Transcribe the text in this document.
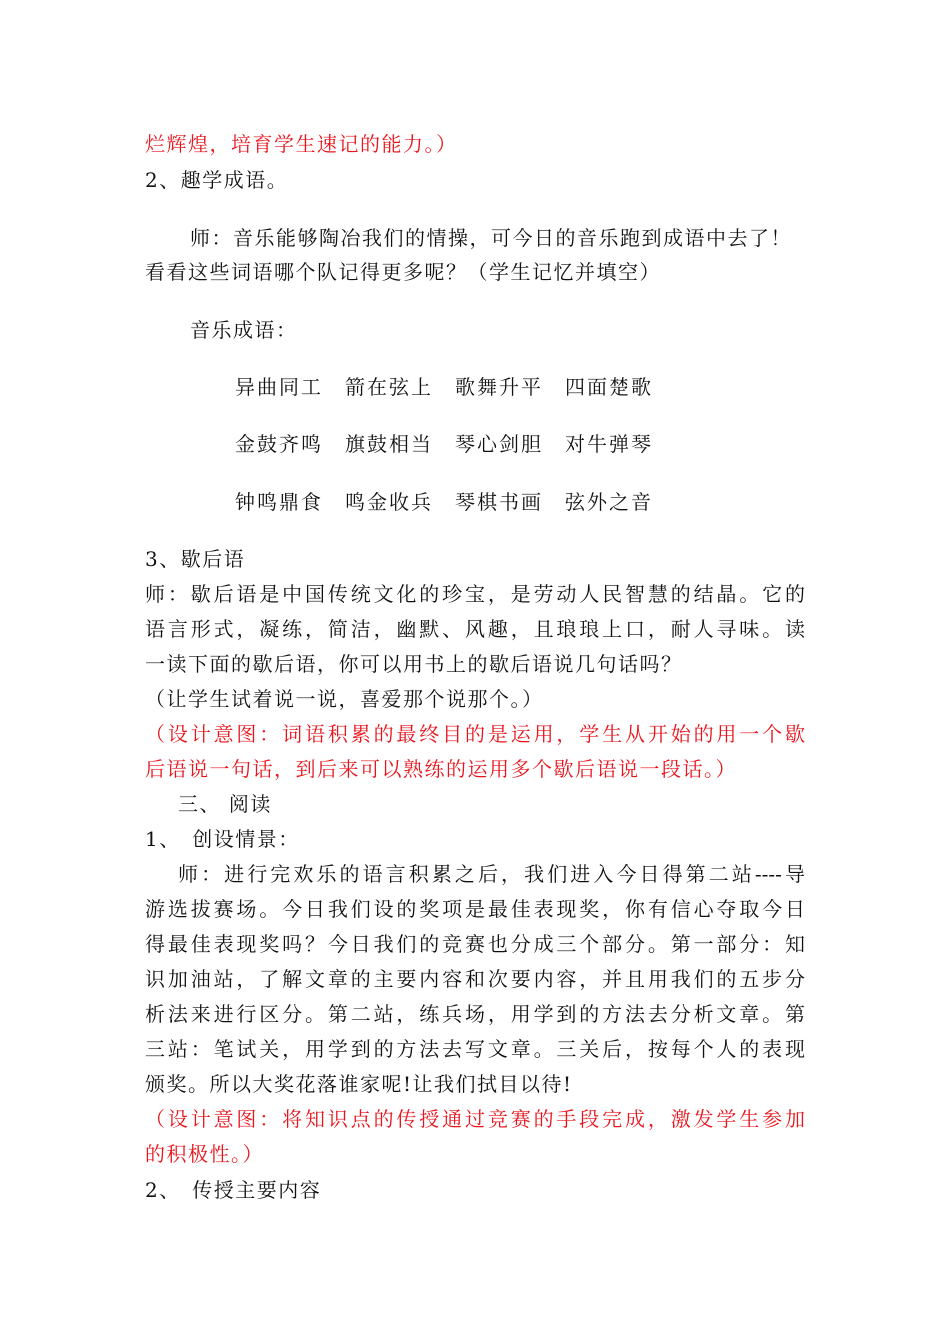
烂辉煌，培育学生速记的能力。）
2、趣学成语。
师：音乐能够陶冶我们的情操，可今日的音乐跑到成语中去了！
看看这些词语哪个队记得更多呢？（学生记忆并填空）
音乐成语：
异曲同工	箭在弦上	歌舞升平	四面楚歌
金鼓齐鸣	旗鼓相当	琴心剑胆	对牛弹琴
钟鸣鼎食	鸣金收兵	琴棋书画	弦外之音
3、歇后语
师：歇后语是中国传统文化的珍宝，是劳动人民智慧的结晶。它的
语言形式，凝练，简洁，幽默、风趣，且琅琅上口，耐人寻味。读
一读下面的歇后语，你可以用书上的歇后语说几句话吗？
（让学生试着说一说，喜爱那个说那个。）
（设计意图：词语积累的最终目的是运用，学生从开始的用一个歇
后语说一句话，到后来可以熟练的运用多个歇后语说一段话。）
三、 阅读
1、　创设情景：
师：进行完欢乐的语言积累之后，我们进入今日得第二站----导
游选拔赛场。今日我们设的奖项是最佳表现奖，你有信心夺取今日
得最佳表现奖吗？今日我们的竞赛也分成三个部分。第一部分：知
识加油站，了解文章的主要内容和次要内容，并且用我们的五步分
析法来进行区分。第二站，练兵场，用学到的方法去分析文章。第
三站：笔试关，用学到的方法去写文章。三关后，按每个人的表现
颁奖。所以大奖花落谁家呢!让我们拭目以待!
（设计意图：将知识点的传授通过竞赛的手段完成，激发学生参加
的积极性。）
2、　传授主要内容
